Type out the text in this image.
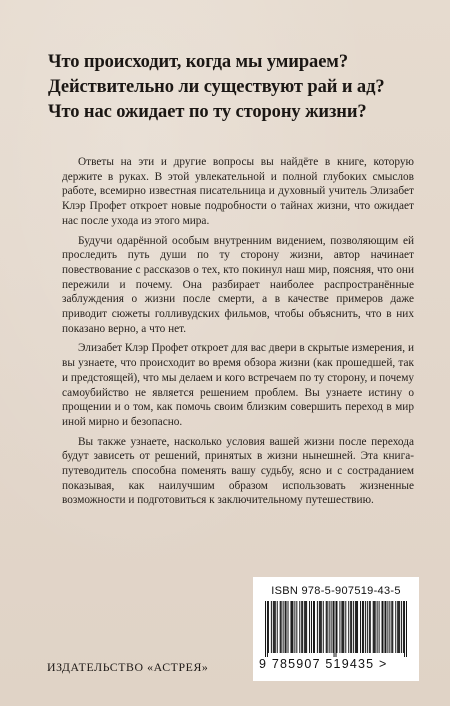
Что происходит, когда мы умираем?
Действительно ли существуют рай и ад?
Что нас ожидает по ту сторону жизни?

Ответы на эти и другие вопросы вы найдёте в книге, которую держите в руках. В этой увлекательной и полной глубоких смыслов работе, всемирно известная писательница и духовный учитель Элизабет Клэр Профет откроет новые подробности о тайнах жизни, что ожидает нас после ухода из этого мира.

Будучи одарённой особым внутренним видением, позволяющим ей проследить путь души по ту сторону жизни, автор начинает повествование с рассказов о тех, кто покинул наш мир, поясняя, что они пережили и почему. Она разбирает наиболее распространённые заблуждения о жизни после смерти, а в качестве примеров даже приводит сюжеты голливудских фильмов, чтобы объяснить, что в них показано верно, а что нет.

Элизабет Клэр Профет откроет для вас двери в скрытые измерения, и вы узнаете, что происходит во время обзора жизни (как прошедшей, так и предстоящей), что мы делаем и кого встречаем по ту сторону, и почему самоубийство не является решением проблем. Вы узнаете истину о прощении и о том, как помочь своим близким совершить переход в мир иной мирно и безопасно.

Вы также узнаете, насколько условия вашей жизни после перехода будут зависеть от решений, принятых в жизни нынешней. Эта книга-путеводитель способна поменять вашу судьбу, ясно и с состраданием показывая, как наилучшим образом использовать жизненные возможности и подготовиться к заключительному путешествию.

ISBN 978-5-907519-43-5
9 785907 519435 >
ИЗДАТЕЛЬСТВО «АСТРЕЯ»
